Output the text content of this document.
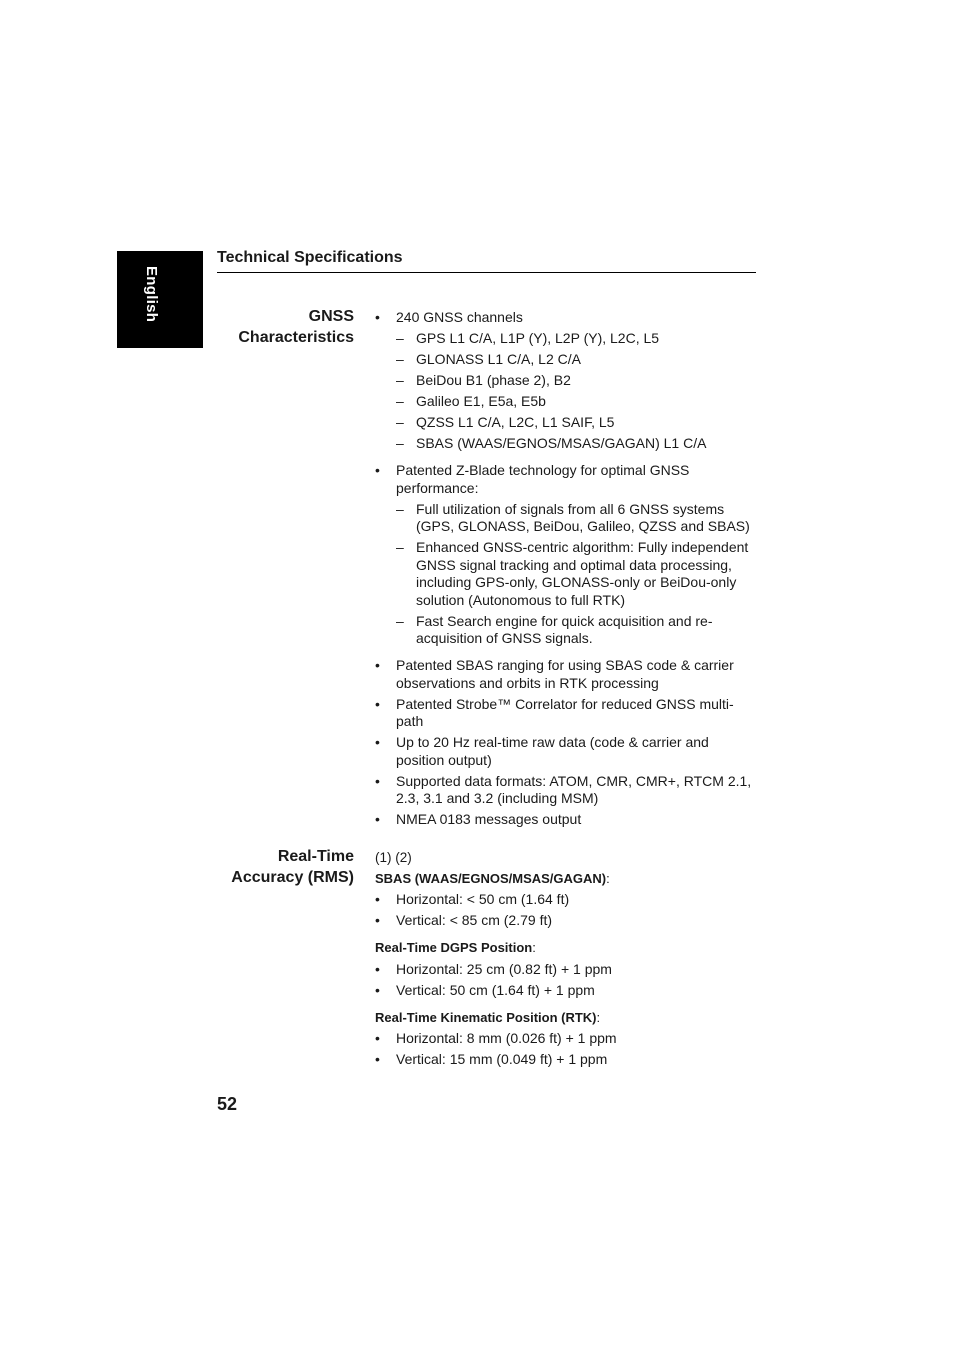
English
Technical Specifications
GNSS
Characteristics
• 240 GNSS channels
– GPS L1 C/A, L1P (Y), L2P (Y), L2C, L5
– GLONASS L1 C/A, L2 C/A
– BeiDou B1 (phase 2), B2
– Galileo E1, E5a, E5b
– QZSS L1 C/A, L2C, L1 SAIF, L5
– SBAS (WAAS/EGNOS/MSAS/GAGAN) L1 C/A
• Patented Z-Blade technology for optimal GNSS performance:
– Full utilization of signals from all 6 GNSS systems (GPS, GLONASS, BeiDou, Galileo, QZSS and SBAS)
– Enhanced GNSS-centric algorithm: Fully independent GNSS signal tracking and optimal data processing, including GPS-only, GLONASS-only or BeiDou-only solution (Autonomous to full RTK)
– Fast Search engine for quick acquisition and re-acquisition of GNSS signals.
• Patented SBAS ranging for using SBAS code & carrier observations and orbits in RTK processing
• Patented Strobe™ Correlator for reduced GNSS multi-path
• Up to 20 Hz real-time raw data (code & carrier and position output)
• Supported data formats: ATOM, CMR, CMR+, RTCM 2.1, 2.3, 3.1 and 3.2 (including MSM)
• NMEA 0183 messages output
Real-Time
Accuracy (RMS)
(1) (2)
SBAS (WAAS/EGNOS/MSAS/GAGAN):
• Horizontal: < 50 cm (1.64 ft)
• Vertical: < 85 cm (2.79 ft)
Real-Time DGPS Position:
• Horizontal: 25 cm (0.82 ft) + 1 ppm
• Vertical: 50 cm (1.64 ft) + 1 ppm
Real-Time Kinematic Position (RTK):
• Horizontal: 8 mm (0.026 ft) + 1 ppm
• Vertical: 15 mm (0.049 ft) + 1 ppm
52
